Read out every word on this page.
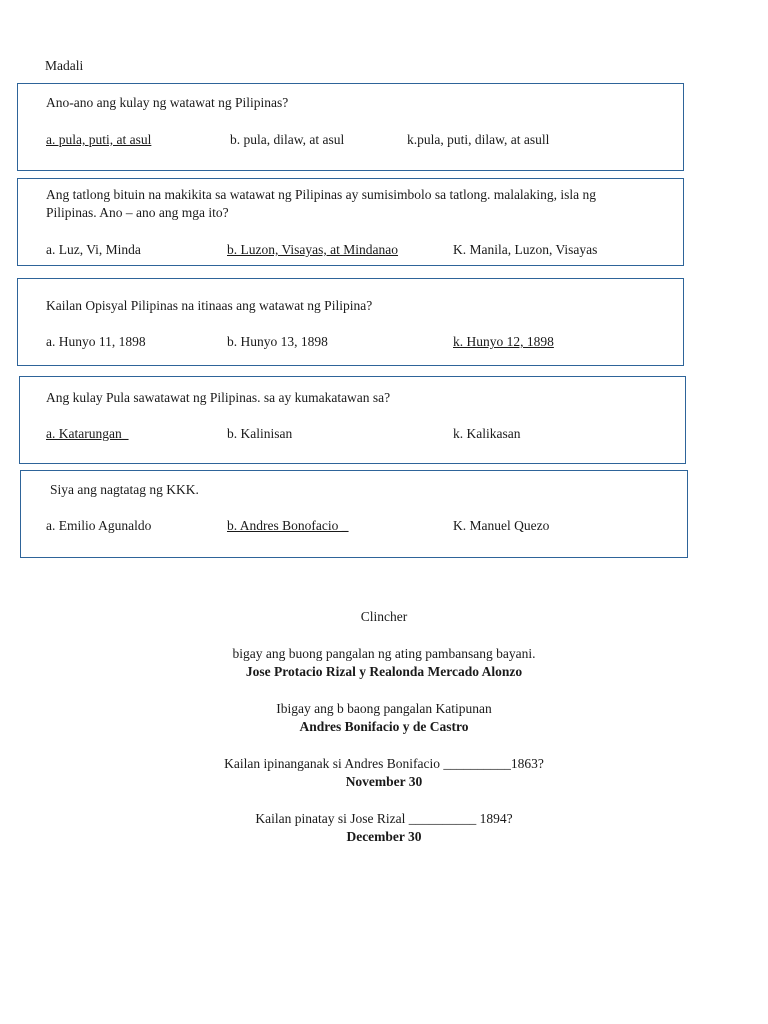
Madali
Ano-ano ang kulay ng watawat ng Pilipinas?
a. pula, puti, at asul	b. pula, dilaw, at asul	k.pula, puti, dilaw, at asull
Ang tatlong bituin na makikita sa watawat ng Pilipinas ay sumisimbolo sa tatlong. malalaking, isla ng Pilipinas. Ano – ano ang mga ito?
a. Luz, Vi, Minda	b. Luzon, Visayas, at Mindanao	K. Manila, Luzon, Visayas
Kailan Opisyal Pilipinas na itinaas ang watawat ng Pilipina?
a. Hunyo 11, 1898	b. Hunyo 13, 1898	k. Hunyo 12, 1898
Ang kulay Pula sawatawat ng Pilipinas. sa ay kumakatawan sa?
a. Katarungan_	b. Kalinisan	k. Kalikasan
Siya ang nagtatag ng KKK.
a. Emilio Agunaldo	b. Andres Bonofacio _	K. Manuel Quezo
Clincher
bigay ang buong pangalan ng ating pambansang bayani.
Jose Protacio Rizal y Realonda Mercado Alonzo
Ibigay ang b baong pangalan Katipunan
Andres Bonifacio y de Castro
Kailan ipinanganak si Andres Bonifacio __________1863?
November 30
Kailan pinatay si Jose Rizal __________ 1894?
December 30
